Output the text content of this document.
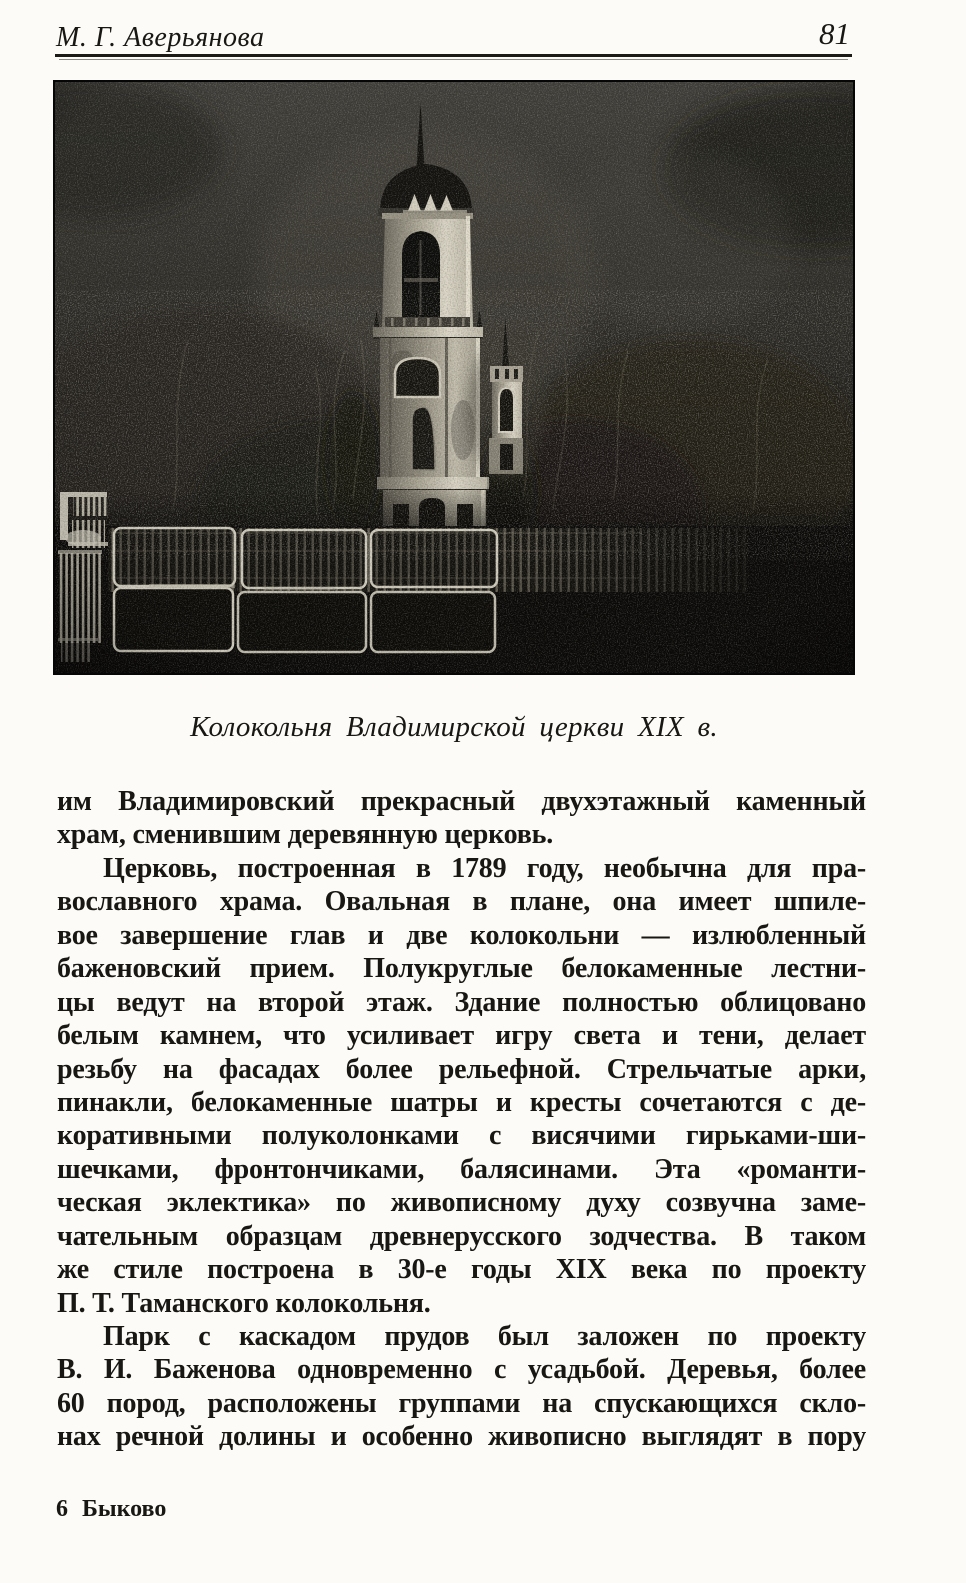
М. Г. Аверьянова	81
Колокольня Владимирской церкви XIX в.
им Владимировский прекрасный двухэтажный каменный
храм, сменившим деревянную церковь.
Церковь, построенная в 1789 году, необычна для пра-
вославного храма. Овальная в плане, она имеет шпиле-
вое завершение глав и две колокольни — излюбленный
баженовский прием. Полукруглые белокаменные лестни-
цы ведут на второй этаж. Здание полностью облицовано
белым камнем, что усиливает игру света и тени, делает
резьбу на фасадах более рельефной. Стрельчатые арки,
пинакли, белокаменные шатры и кресты сочетаются с де-
коративными полуколонками с висячими гирьками-ши-
шечками, фронтончиками, балясинами. Эта «романти-
ческая эклектика» по живописному духу созвучна заме-
чательным образцам древнерусского зодчества. В таком
же стиле построена в 30-е годы XIX века по проекту
П. Т. Таманского колокольня.
Парк с каскадом прудов был заложен по проекту
В. И. Баженова одновременно с усадьбой. Деревья, более
60 пород, расположены группами на спускающихся скло-
нах речной долины и особенно живописно выглядят в пору
6 Быково
